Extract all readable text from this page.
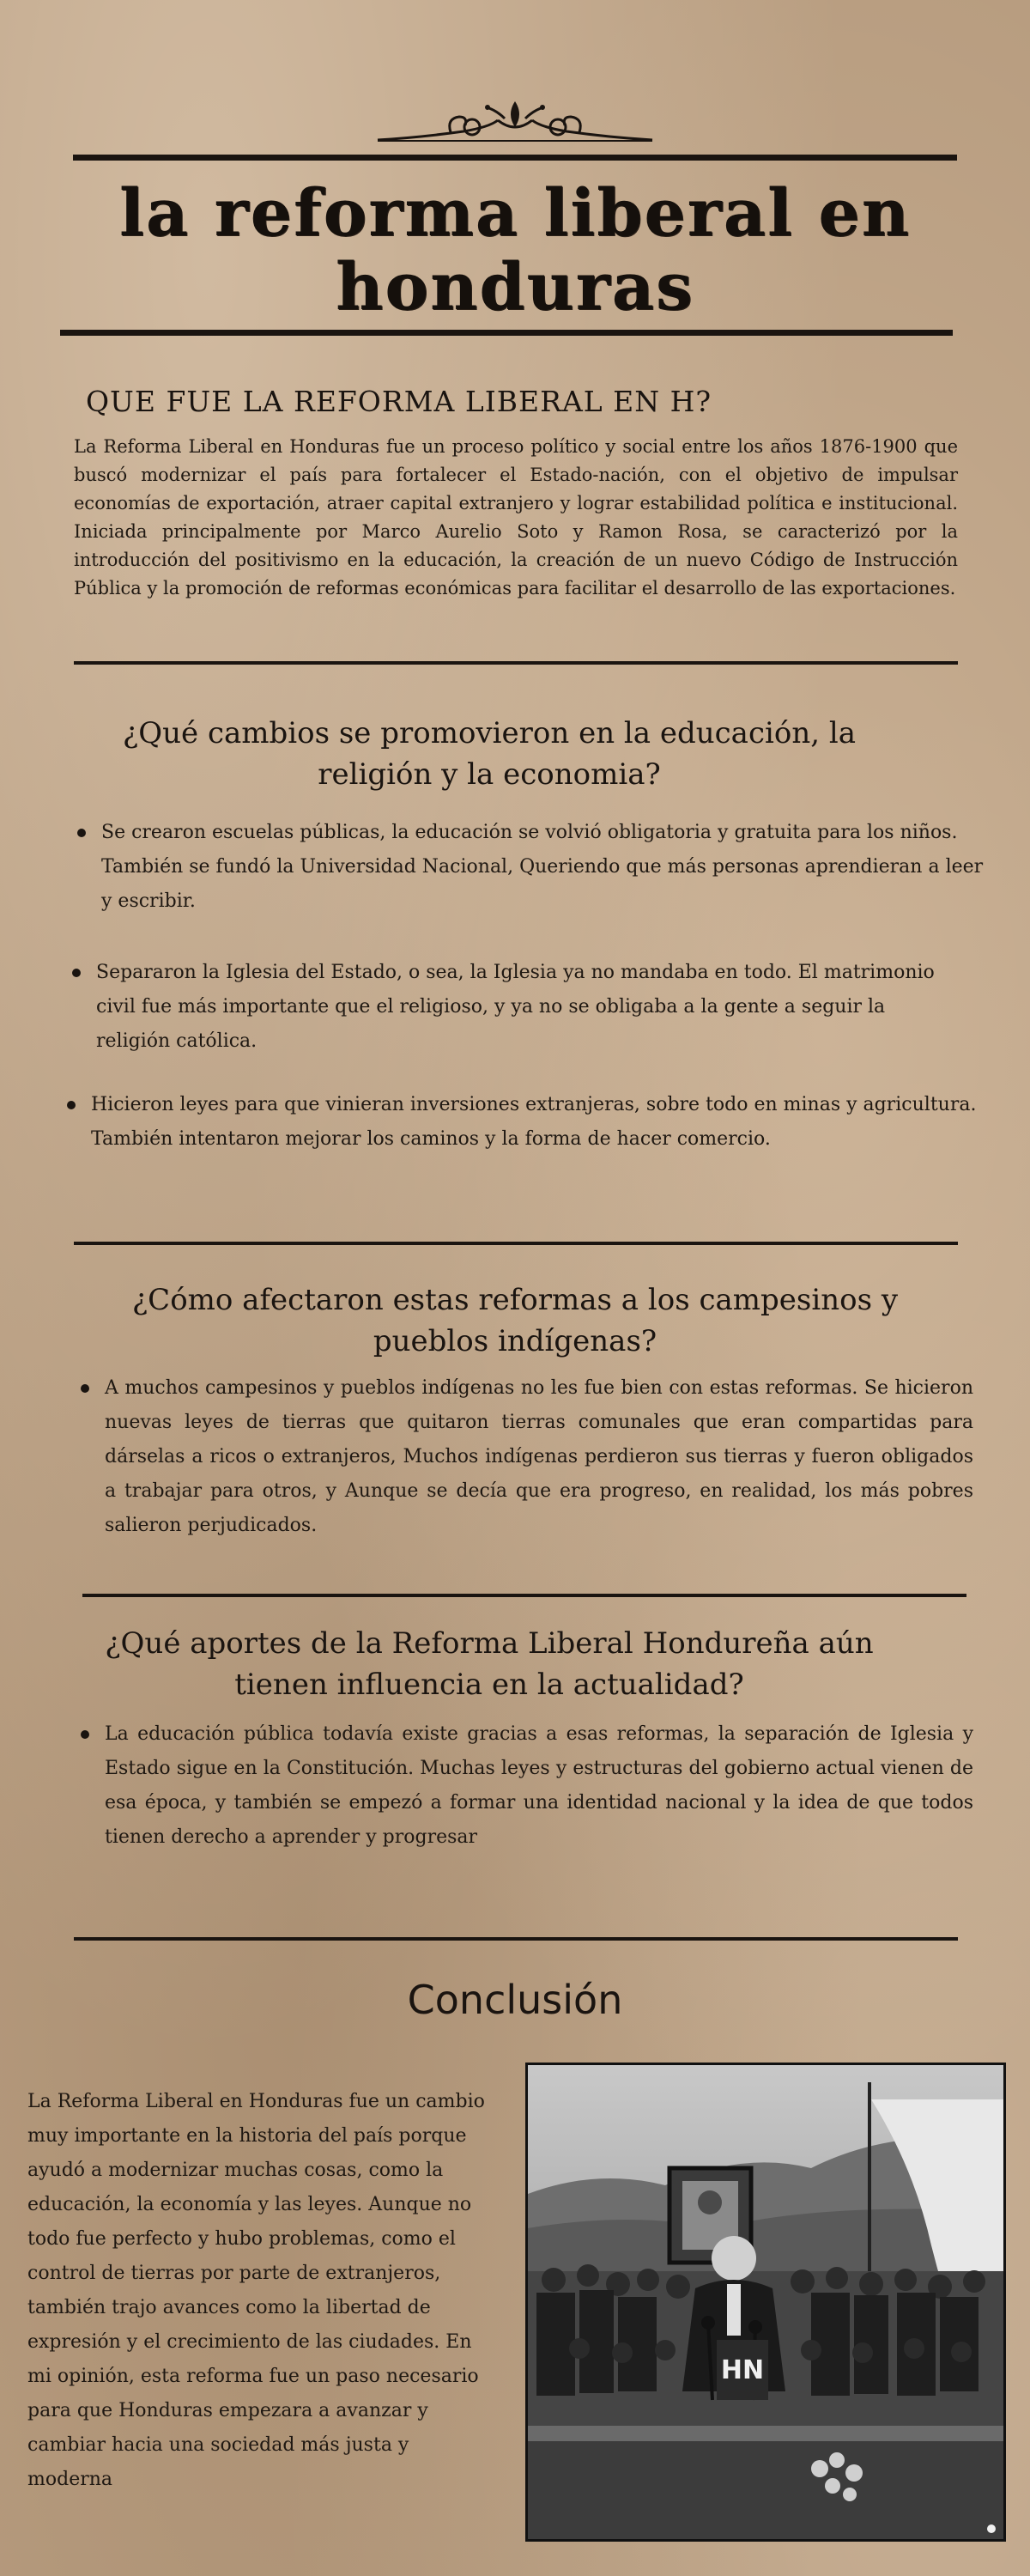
la reforma liberal en honduras
QUE FUE LA REFORMA LIBERAL EN H?

La Reforma Liberal en Honduras fue un proceso político y social entre los años 1876-1900 que buscó modernizar el país para fortalecer el Estado-nación, con el objetivo de impulsar economías de exportación, atraer capital extranjero y lograr estabilidad política e institucional. Iniciada principalmente por Marco Aurelio Soto y Ramon Rosa, se caracterizó por la introducción del positivismo en la educación, la creación de un nuevo Código de Instrucción Pública y la promoción de reformas económicas para facilitar el desarrollo de las exportaciones.

¿Qué cambios se promovieron en la educación, la religión y la economia?
Se crearon escuelas públicas, la educación se volvió obligatoria y gratuita para los niños. También se fundó la Universidad Nacional, Queriendo que más personas aprendieran a leer y escribir.
Separaron la Iglesia del Estado, o sea, la Iglesia ya no mandaba en todo. El matrimonio civil fue más importante que el religioso, y ya no se obligaba a la gente a seguir la religión católica.
Hicieron leyes para que vinieran inversiones extranjeras, sobre todo en minas y agricultura. También intentaron mejorar los caminos y la forma de hacer comercio.
¿Cómo afectaron estas reformas a los campesinos y pueblos indígenas?
A muchos campesinos y pueblos indígenas no les fue bien con estas reformas. Se hicieron nuevas leyes de tierras que quitaron tierras comunales que eran compartidas para dárselas a ricos o extranjeros, Muchos indígenas perdieron sus tierras y fueron obligados a trabajar para otros, y Aunque se decía que era progreso, en realidad, los más pobres salieron perjudicados.
¿Qué aportes de la Reforma Liberal Hondureña aún tienen influencia en la actualidad?
La educación pública todavía existe gracias a esas reformas, la separación de Iglesia y Estado sigue en la Constitución. Muchas leyes y estructuras del gobierno actual vienen de esa época, y también se empezó a formar una identidad nacional y la idea de que todos tienen derecho a aprender y progresar
Conclusión

La Reforma Liberal en Honduras fue un cambio muy importante en la historia del país porque ayudó a modernizar muchas cosas, como la educación, la economía y las leyes. Aunque no todo fue perfecto y hubo problemas, como el control de tierras por parte de extranjeros, también trajo avances como la libertad de expresión y el crecimiento de las ciudades. En mi opinión, esta reforma fue un paso necesario para que Honduras empezara a avanzar y cambiar hacia una sociedad más justa y moderna

HN
